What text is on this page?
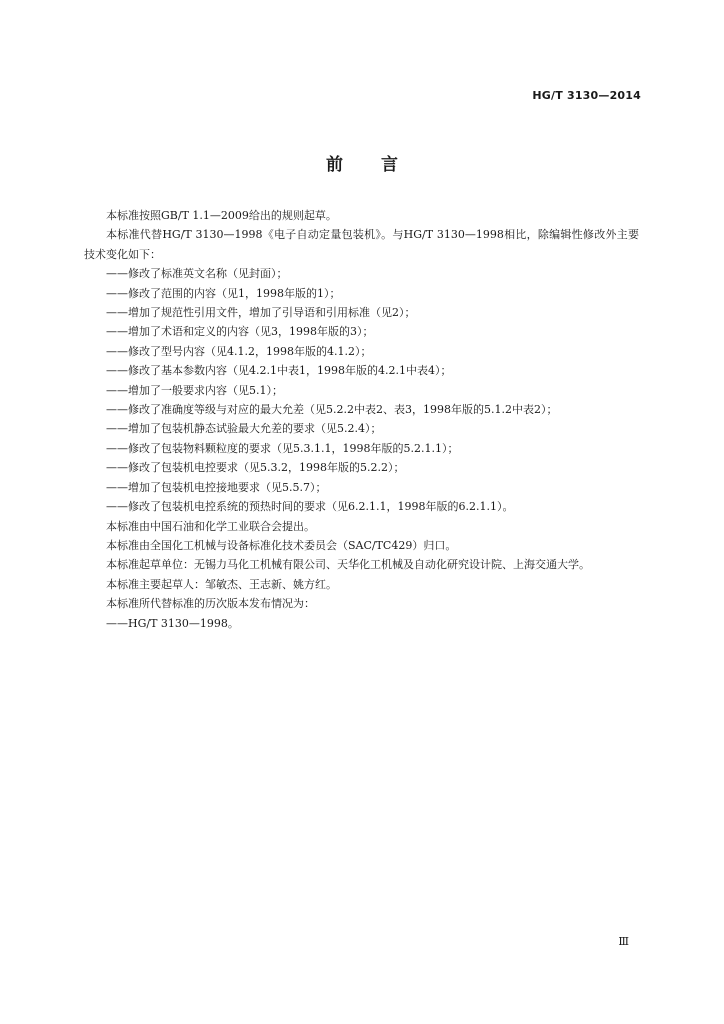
HG/T 3130—2014
前言

本标准按照GB/T 1.1—2009给出的规则起草。

本标准代替HG/T 3130—1998《电子自动定量包装机》。与HG/T 3130—1998相比，除编辑性修改外主要技术变化如下：

——修改了标准英文名称（见封面）；

——修改了范围的内容（见1，1998年版的1）；

——增加了规范性引用文件，增加了引导语和引用标准（见2）；

——增加了术语和定义的内容（见3，1998年版的3）；

——修改了型号内容（见4.1.2，1998年版的4.1.2）；

——修改了基本参数内容（见4.2.1中表1，1998年版的4.2.1中表4）；

——增加了一般要求内容（见5.1）；

——修改了准确度等级与对应的最大允差（见5.2.2中表2、表3，1998年版的5.1.2中表2）；

——增加了包装机静态试验最大允差的要求（见5.2.4）；

——修改了包装物料颗粒度的要求（见5.3.1.1，1998年版的5.2.1.1）；

——修改了包装机电控要求（见5.3.2，1998年版的5.2.2）；

——增加了包装机电控接地要求（见5.5.7）；

——修改了包装机电控系统的预热时间的要求（见6.2.1.1，1998年版的6.2.1.1）。

本标准由中国石油和化学工业联合会提出。

本标准由全国化工机械与设备标准化技术委员会（SAC/TC429）归口。

本标准起草单位：无锡力马化工机械有限公司、天华化工机械及自动化研究设计院、上海交通大学。

本标准主要起草人：邹敏杰、王志新、姚方红。

本标准所代替标准的历次版本发布情况为：

——HG/T 3130—1998。

Ⅲ
